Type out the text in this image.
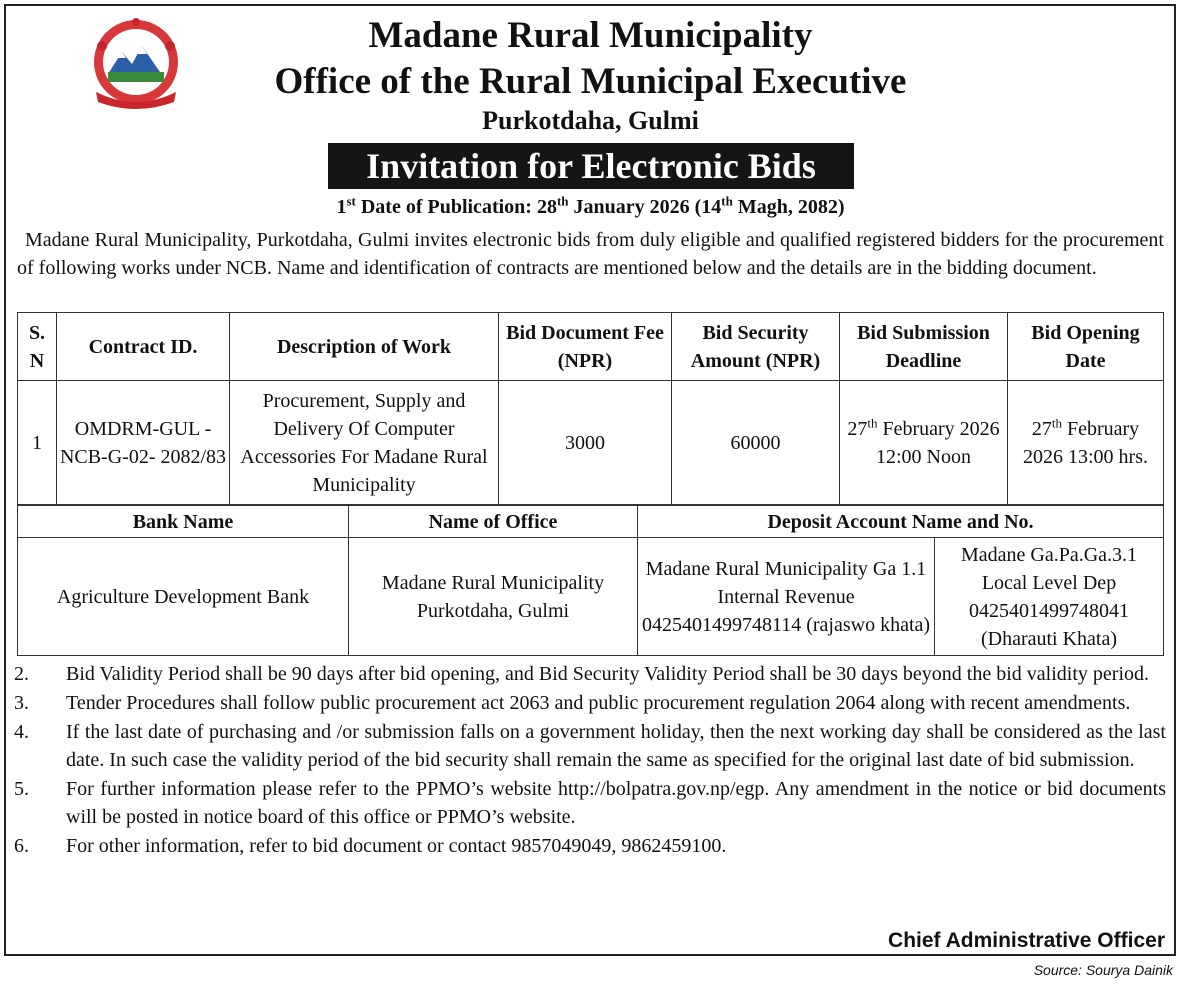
Madane Rural Municipality
Office of the Rural Municipal Executive
Purkotdaha, Gulmi
Invitation for Electronic Bids
1st Date of Publication: 28th January 2026 (14th Magh, 2082)
Madane Rural Municipality, Purkotdaha, Gulmi invites electronic bids from duly eligible and qualified registered bidders for the procurement of following works under NCB. Name and identification of contracts are mentioned below and the details are in the bidding document.
S. N	Contract ID.	Description of Work	Bid Document Fee (NPR)	Bid Security Amount (NPR)	Bid Submission Deadline	Bid Opening Date
1	OMDRM-GUL -NCB-G-02- 2082/83	Procurement, Supply and Delivery Of Computer Accessories For Madane Rural Municipality	3000	60000	27th February 2026 12:00 Noon	27th February 2026 13:00 hrs.
Bank Name	Name of Office	Deposit Account Name and No.	
Agriculture Development Bank	Madane Rural Municipality Purkotdaha, Gulmi	Madane Rural Municipality Ga 1.1 Internal Revenue 0425401499748114 (rajaswo khata)	Madane Ga.Pa.Ga.3.1 Local Level Dep 0425401499748041 (Dharauti Khata)
2. Bid Validity Period shall be 90 days after bid opening, and Bid Security Validity Period shall be 30 days beyond the bid validity period.
3. Tender Procedures shall follow public procurement act 2063 and public procurement regulation 2064 along with recent amendments.
4. If the last date of purchasing and /or submission falls on a government holiday, then the next working day shall be considered as the last date. In such case the validity period of the bid security shall remain the same as specified for the original last date of bid submission.
5. For further information please refer to the PPMO’s website http://bolpatra.gov.np/egp. Any amendment in the notice or bid documents will be posted in notice board of this office or PPMO’s website.
6. For other information, refer to bid document or contact 9857049049, 9862459100.
Chief Administrative Officer
Source: Sourya Dainik
